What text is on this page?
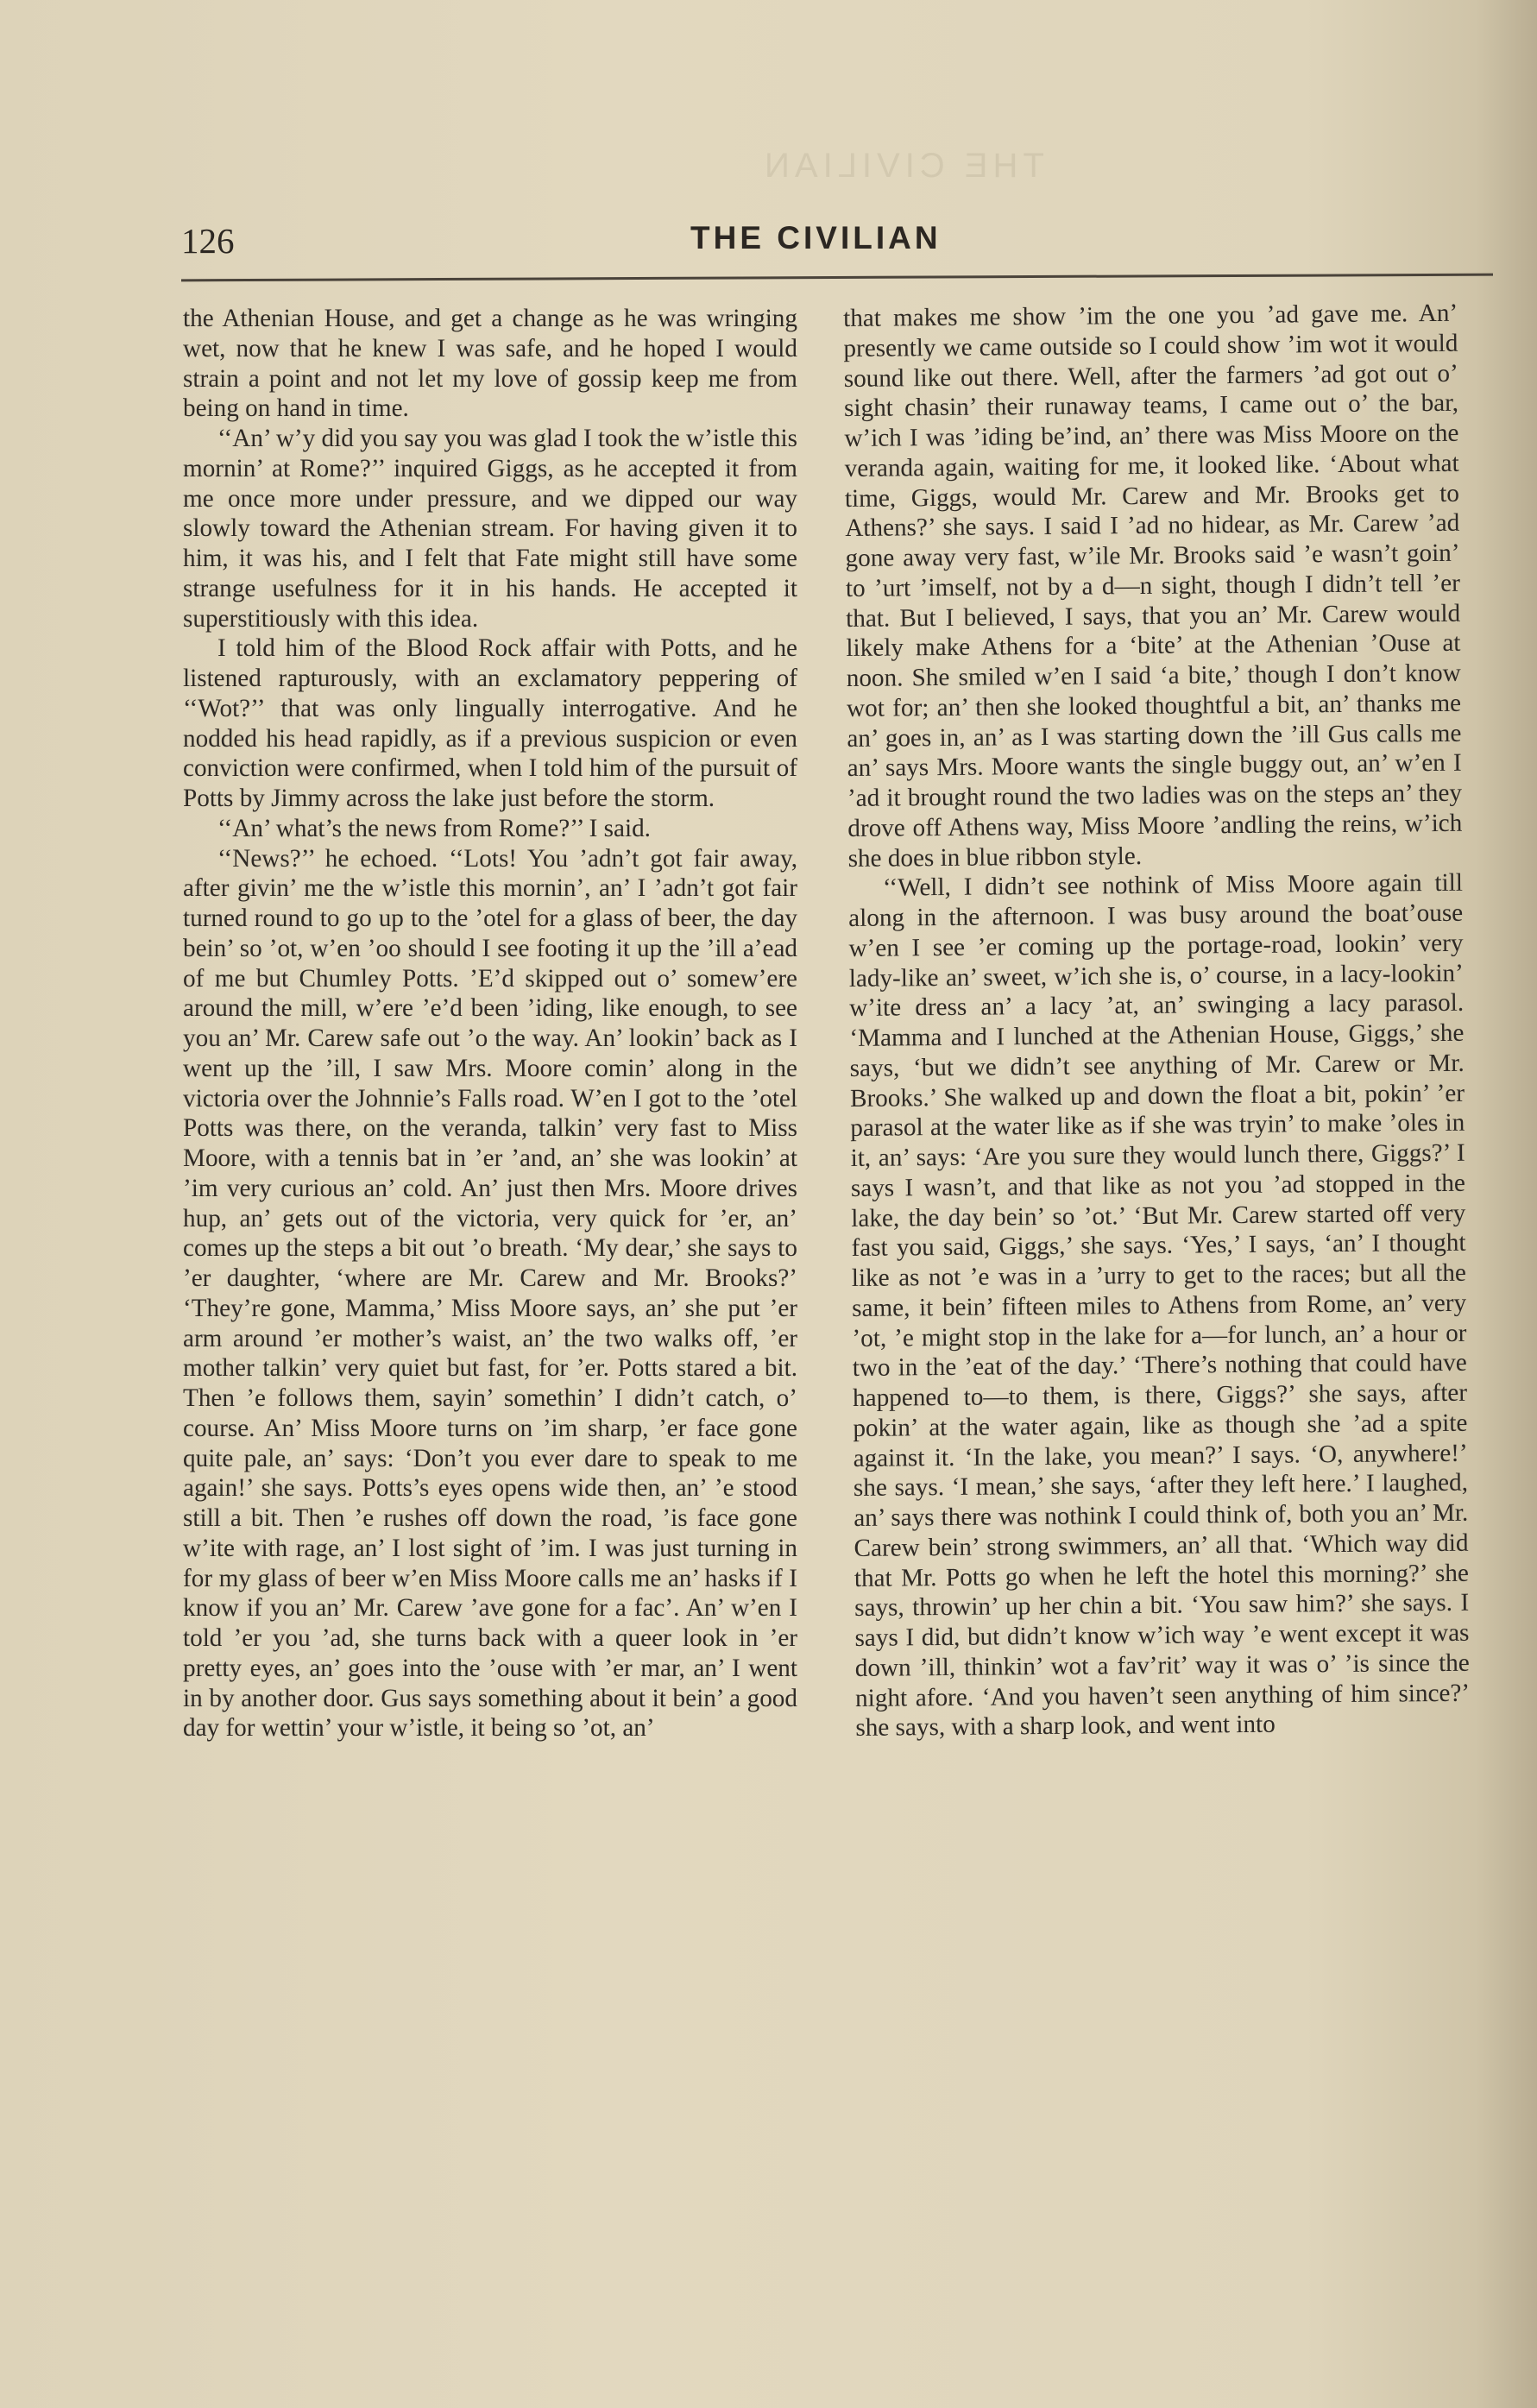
THE CIVILIAN
126	THE CIVILIAN

the Athenian House, and get a change as he was wringing wet, now that he knew I was safe, and he hoped I would strain a point and not let my love of gossip keep me from being on hand in time.

‘‘An’ w’y did you say you was glad I took the w’istle this mornin’ at Rome?’’ inquired Giggs, as he accepted it from me once more under pressure, and we dipped our way slowly toward the Athenian stream. For having given it to him, it was his, and I felt that Fate might still have some strange usefulness for it in his hands. He accepted it superstitiously with this idea.

I told him of the Blood Rock affair with Potts, and he listened rapturously, with an exclamatory peppering of ‘‘Wot?’’ that was only lingually interrogative. And he nodded his head rapidly, as if a previous suspicion or even conviction were confirmed, when I told him of the pursuit of Potts by Jimmy across the lake just before the storm.

‘‘An’ what’s the news from Rome?’’ I said.

‘‘News?’’ he echoed. ‘‘Lots! You ’adn’t got fair away, after givin’ me the w’istle this mornin’, an’ I ’adn’t got fair turned round to go up to the ’otel for a glass of beer, the day bein’ so ’ot, w’en ’oo should I see footing it up the ’ill a’ead of me but Chumley Potts. ’E’d skipped out o’ somew’ere around the mill, w’ere ’e’d been ’iding, like enough, to see you an’ Mr. Carew safe out ’o the way. An’ lookin’ back as I went up the ’ill, I saw Mrs. Moore comin’ along in the victoria over the Johnnie’s Falls road. W’en I got to the ’otel Potts was there, on the veranda, talkin’ very fast to Miss Moore, with a tennis bat in ’er ’and, an’ she was lookin’ at ’im very curious an’ cold. An’ just then Mrs. Moore drives hup, an’ gets out of the victoria, very quick for ’er, an’ comes up the steps a bit out ’o breath. ‘My dear,’ she says to ’er daughter, ‘where are Mr. Carew and Mr. Brooks?’ ‘They’re gone, Mamma,’ Miss Moore says, an’ she put ’er arm around ’er mother’s waist, an’ the two walks off, ’er mother talkin’ very quiet but fast, for ’er. Potts stared a bit. Then ’e follows them, sayin’ somethin’ I didn’t catch, o’ course. An’ Miss Moore turns on ’im sharp, ’er face gone quite pale, an’ says: ‘Don’t you ever dare to speak to me again!’ she says. Potts’s eyes opens wide then, an’ ’e stood still a bit. Then ’e rushes off down the road, ’is face gone w’ite with rage, an’ I lost sight of ’im. I was just turning in for my glass of beer w’en Miss Moore calls me an’ hasks if I know if you an’ Mr. Carew ’ave gone for a fac’. An’ w’en I told ’er you ’ad, she turns back with a queer look in ’er pretty eyes, an’ goes into the ’ouse with ’er mar, an’ I went in by another door. Gus says something about it bein’ a good day for wettin’ your w’istle, it being so ’ot, an’

that makes me show ’im the one you ’ad gave me. An’ presently we came outside so I could show ’im wot it would sound like out there. Well, after the farmers ’ad got out o’ sight chasin’ their runaway teams, I came out o’ the bar, w’ich I was ’iding be’ind, an’ there was Miss Moore on the veranda again, waiting for me, it looked like. ‘About what time, Giggs, would Mr. Carew and Mr. Brooks get to Athens?’ she says. I said I ’ad no hidear, as Mr. Carew ’ad gone away very fast, w’ile Mr. Brooks said ’e wasn’t goin’ to ’urt ’imself, not by a d—n sight, though I didn’t tell ’er that. But I believed, I says, that you an’ Mr. Carew would likely make Athens for a ‘bite’ at the Athenian ’Ouse at noon. She smiled w’en I said ‘a bite,’ though I don’t know wot for; an’ then she looked thoughtful a bit, an’ thanks me an’ goes in, an’ as I was starting down the ’ill Gus calls me an’ says Mrs. Moore wants the single buggy out, an’ w’en I ’ad it brought round the two ladies was on the steps an’ they drove off Athens way, Miss Moore ’andling the reins, w’ich she does in blue ribbon style.

‘‘Well, I didn’t see nothink of Miss Moore again till along in the afternoon. I was busy around the boat’ouse w’en I see ’er coming up the portage-road, lookin’ very lady-like an’ sweet, w’ich she is, o’ course, in a lacy-lookin’ w’ite dress an’ a lacy ’at, an’ swinging a lacy parasol. ‘Mamma and I lunched at the Athenian House, Giggs,’ she says, ‘but we didn’t see anything of Mr. Carew or Mr. Brooks.’ She walked up and down the float a bit, pokin’ ’er parasol at the water like as if she was tryin’ to make ’oles in it, an’ says: ‘Are you sure they would lunch there, Giggs?’ I says I wasn’t, and that like as not you ’ad stopped in the lake, the day bein’ so ’ot.’ ‘But Mr. Carew started off very fast you said, Giggs,’ she says. ‘Yes,’ I says, ‘an’ I thought like as not ’e was in a ’urry to get to the races; but all the same, it bein’ fifteen miles to Athens from Rome, an’ very ’ot, ’e might stop in the lake for a—for lunch, an’ a hour or two in the ’eat of the day.’ ‘There’s nothing that could have happened to—to them, is there, Giggs?’ she says, after pokin’ at the water again, like as though she ’ad a spite against it. ‘In the lake, you mean?’ I says. ‘O, anywhere!’ she says. ‘I mean,’ she says, ‘after they left here.’ I laughed, an’ says there was nothink I could think of, both you an’ Mr. Carew bein’ strong swimmers, an’ all that. ‘Which way did that Mr. Potts go when he left the hotel this morning?’ she says, throwin’ up her chin a bit. ‘You saw him?’ she says. I says I did, but didn’t know w’ich way ’e went except it was down ’ill, thinkin’ wot a fav’rit’ way it was o’ ’is since the night afore. ‘And you haven’t seen anything of him since?’ she says, with a sharp look, and went into
